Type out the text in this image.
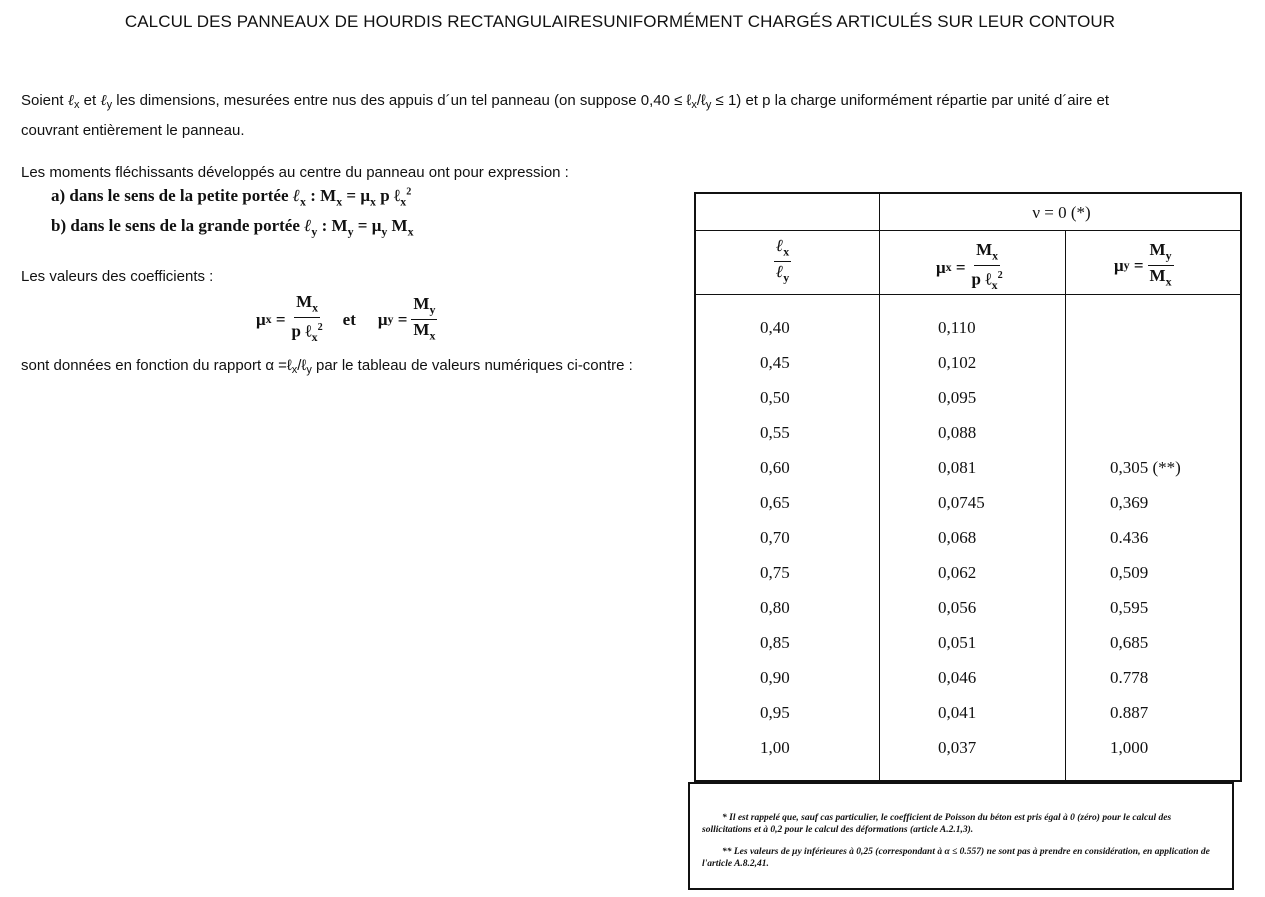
CALCUL DES PANNEAUX DE HOURDIS RECTANGULAIRESUNIFORMÉMENT CHARGÉS ARTICULÉS SUR LEUR CONTOUR
Soient ℓ$_x$ et ℓ$_y$ les dimensions, mesurées entre nus des appuis d´un tel panneau (on suppose 0,40 ≤ ℓ$_x$/ℓ$_y$ ≤ 1) et p la charge uniformément répartie par unité d´aire et
couvrant entièrement le panneau.
Les moments fléchissants développés au centre du panneau ont pour expression :
a) dans le sens de la petite portée ℓ$_x$ : $M_x = \mu_x$ p ℓ$_x^2$
b) dans le sens de la grande portée ℓ$_y$ : $M_y = \mu_y$ $M_x$
Les valeurs des coefficients :
μ $x = \frac{M_x}{p \ell_x^2}$ et μ $y = \frac{M_y}{M_x}$
sont données en fonction du rapport α =ℓ$_x$/ℓ$_y$ par le tableau de valeurs numériques ci-contre :
ν = 0 (*)
$\frac{\ell_x}{\ell_y}$	μ $x = \frac{M_x}{p \ell_x^2}$	μ $y = \frac{M_y}{M_x}$
0,40	0,110
0,45	0,102
0,50	0,095
0,55	0,088
0,60	0,081	0,305 (**)
0,65	0,0745	0,369
0,70	0,068	0.436
0,75	0,062	0,509
0,80	0,056	0,595
0,85	0,051	0,685
0,90	0,046	0.778
0,95	0,041	0.887
1,00	0,037	1,000

* Il est rappelé que, sauf cas particulier, le coefficient de Poisson du béton est pris égal à 0 (zéro) pour le calcul des sollicitations et à 0,2 pour le calcul des déformations (article A.2.1,3).

** Les valeurs de μy inférieures à 0,25 (correspondant à α ≤ 0.557) ne sont pas à prendre en considération, en application de l'article A.8.2,41.
